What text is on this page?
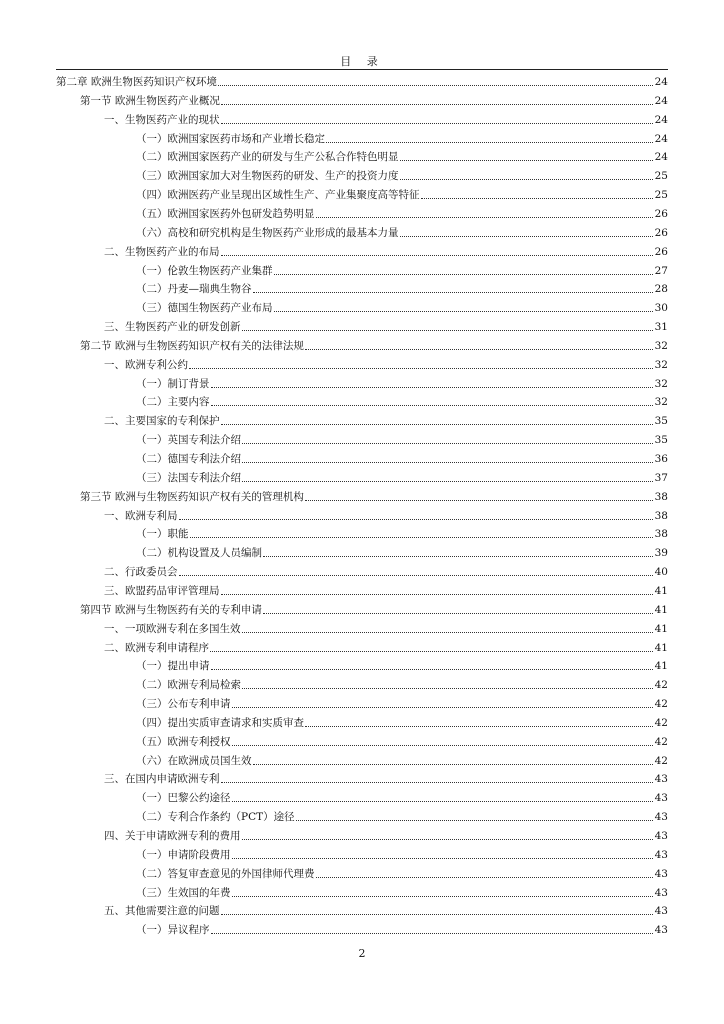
目 录
第二章 欧洲生物医药知识产权环境	24
第一节 欧洲生物医药产业概况	24
一、生物医药产业的现状	24
（一）欧洲国家医药市场和产业增长稳定	24
（二）欧洲国家医药产业的研发与生产公私合作特色明显	24
（三）欧洲国家加大对生物医药的研发、生产的投资力度	25
（四）欧洲医药产业呈现出区域性生产、产业集聚度高等特征	25
（五）欧洲国家医药外包研发趋势明显	26
（六）高校和研究机构是生物医药产业形成的最基本力量	26
二、生物医药产业的布局	26
（一）伦敦生物医药产业集群	27
（二）丹麦—瑞典生物谷	28
（三）德国生物医药产业布局	30
三、生物医药产业的研发创新	31
第二节 欧洲与生物医药知识产权有关的法律法规	32
一、欧洲专利公约	32
（一）制订背景	32
（二）主要内容	32
二、主要国家的专利保护	35
（一）英国专利法介绍	35
（二）德国专利法介绍	36
（三）法国专利法介绍	37
第三节 欧洲与生物医药知识产权有关的管理机构	38
一、欧洲专利局	38
（一）职能	38
（二）机构设置及人员编制	39
二、行政委员会	40
三、欧盟药品审评管理局	41
第四节 欧洲与生物医药有关的专利申请	41
一、一项欧洲专利在多国生效	41
二、欧洲专利申请程序	41
（一）提出申请	41
（二）欧洲专利局检索	42
（三）公布专利申请	42
（四）提出实质审查请求和实质审查	42
（五）欧洲专利授权	42
（六）在欧洲成员国生效	42
三、在国内申请欧洲专利	43
（一）巴黎公约途径	43
（二）专利合作条约（PCT）途径	43
四、关于申请欧洲专利的费用	43
（一）申请阶段费用	43
（二）答复审查意见的外国律师代理费	43
（三）生效国的年费	43
五、其他需要注意的问题	43
（一）异议程序	43
2
